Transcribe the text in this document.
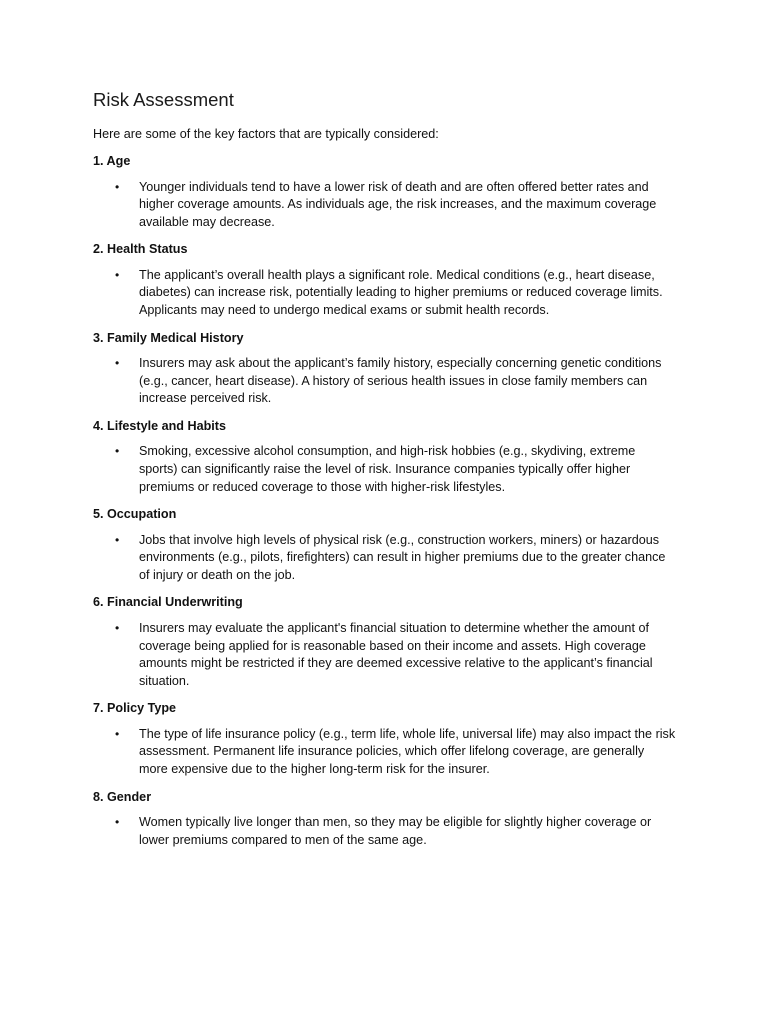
Risk Assessment

Here are some of the key factors that are typically considered:

1. Age

• Younger individuals tend to have a lower risk of death and are often offered better rates and higher coverage amounts. As individuals age, the risk increases, and the maximum coverage available may decrease.

2. Health Status

• The applicant’s overall health plays a significant role. Medical conditions (e.g., heart disease, diabetes) can increase risk, potentially leading to higher premiums or reduced coverage limits. Applicants may need to undergo medical exams or submit health records.

3. Family Medical History

• Insurers may ask about the applicant’s family history, especially concerning genetic conditions (e.g., cancer, heart disease). A history of serious health issues in close family members can increase perceived risk.

4. Lifestyle and Habits

• Smoking, excessive alcohol consumption, and high-risk hobbies (e.g., skydiving, extreme sports) can significantly raise the level of risk. Insurance companies typically offer higher premiums or reduced coverage to those with higher-risk lifestyles.

5. Occupation

• Jobs that involve high levels of physical risk (e.g., construction workers, miners) or hazardous environments (e.g., pilots, firefighters) can result in higher premiums due to the greater chance of injury or death on the job.

6. Financial Underwriting

• Insurers may evaluate the applicant's financial situation to determine whether the amount of coverage being applied for is reasonable based on their income and assets. High coverage amounts might be restricted if they are deemed excessive relative to the applicant’s financial situation.

7. Policy Type

• The type of life insurance policy (e.g., term life, whole life, universal life) may also impact the risk assessment. Permanent life insurance policies, which offer lifelong coverage, are generally more expensive due to the higher long-term risk for the insurer.

8. Gender

• Women typically live longer than men, so they may be eligible for slightly higher coverage or lower premiums compared to men of the same age.
